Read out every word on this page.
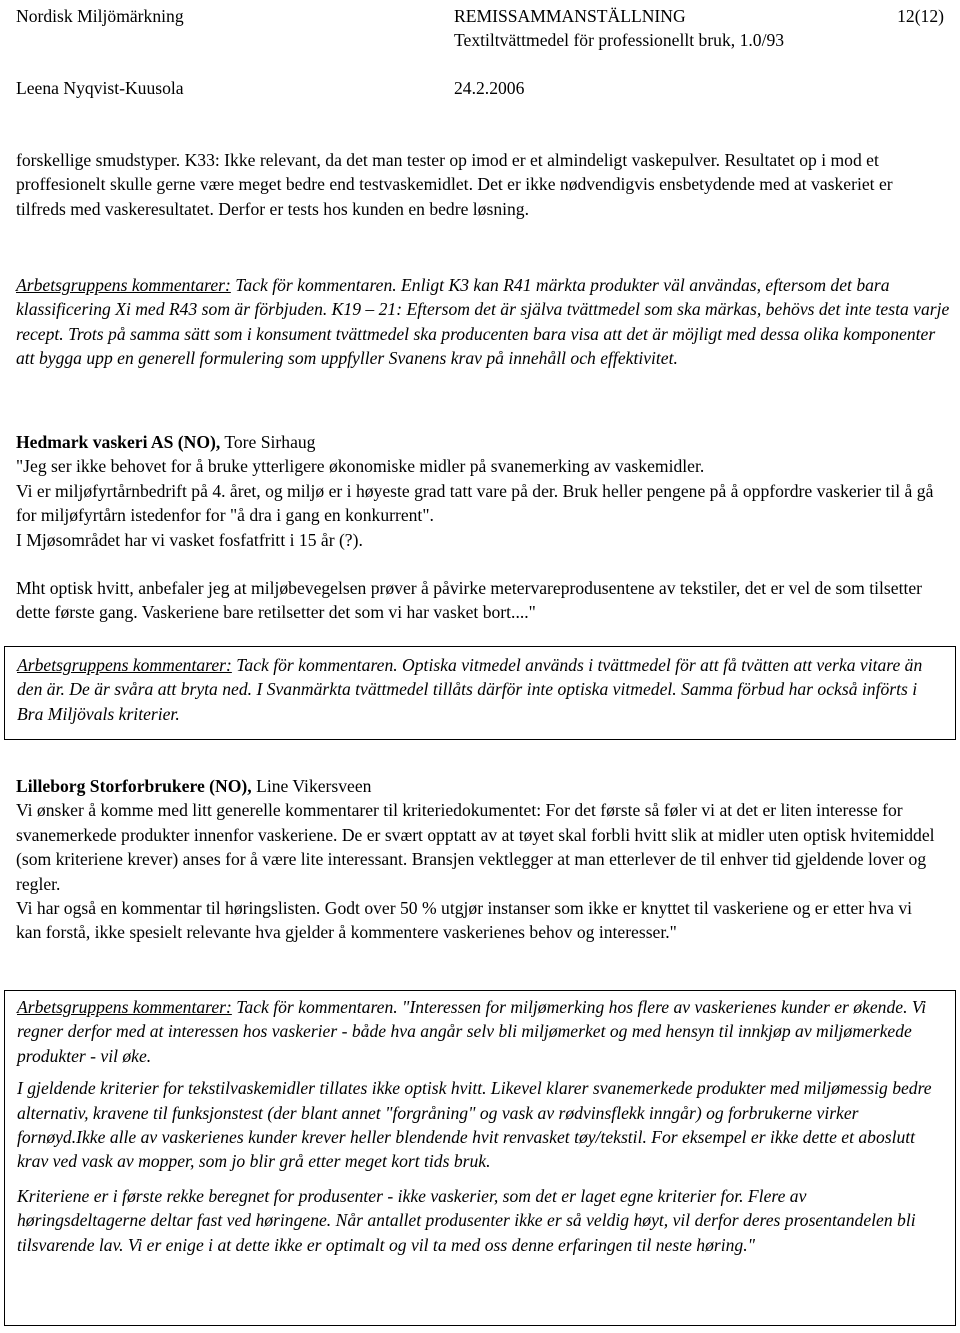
Nordisk Miljömärkning	REMISSAMMANSTÄLLNING	12(12)
Textiltvättmedel för professionellt bruk, 1.0/93
Leena Nyqvist-Kuusola	24.2.2006

forskellige smudstyper. K33: Ikke relevant, da det man tester op imod er et almindeligt vaskepulver. Resultatet op i mod et proffesionelt skulle gerne være meget bedre end testvaskemidlet. Det er ikke nødvendigvis ensbetydende med at vaskeriet er tilfreds med vaskeresultatet. Derfor er tests hos kunden en bedre løsning.

Arbetsgruppens kommentarer: Tack för kommentaren. Enligt K3 kan R41 märkta produkter väl användas, eftersom det bara klassificering Xi med R43 som är förbjuden. K19 – 21: Eftersom det är själva tvättmedel som ska märkas, behövs det inte testa varje recept. Trots på samma sätt som i konsument tvättmedel ska producenten bara visa att det är möjligt med dessa olika komponenter att bygga upp en generell formulering som uppfyller Svanens krav på innehåll och effektivitet.

Hedmark vaskeri AS (NO), Tore Sirhaug

"Jeg ser ikke behovet for å bruke ytterligere økonomiske midler på svanemerking av vaskemidler.

Vi er miljøfyrtårnbedrift på 4. året, og miljø er i høyeste grad tatt vare på der. Bruk heller pengene på å oppfordre vaskerier til å gå for miljøfyrtårn istedenfor for "å dra i gang en konkurrent".

I Mjøsområdet har vi vasket fosfatfritt i 15 år (?).

Mht optisk hvitt, anbefaler jeg at miljøbevegelsen prøver å påvirke metervareprodusentene av tekstiler, det er vel de som tilsetter dette første gang. Vaskeriene bare retilsetter det som vi har vasket bort...."

Arbetsgruppens kommentarer: Tack för kommentaren. Optiska vitmedel används i tvättmedel för att få tvätten att verka vitare än den är. De är svåra att bryta ned. I Svanmärkta tvättmedel tillåts därför inte optiska vitmedel. Samma förbud har också införts i Bra Miljövals kriterier.

Lilleborg Storforbrukere (NO), Line Vikersveen

Vi ønsker å komme med litt generelle kommentarer til kriteriedokumentet: For det første så føler vi at det er liten interesse for svanemerkede produkter innenfor vaskeriene. De er svært opptatt av at tøyet skal forbli hvitt slik at midler uten optisk hvitemiddel (som kriteriene krever) anses for å være lite interessant. Bransjen vektlegger at man etterlever de til enhver tid gjeldende lover og regler.

Vi har også en kommentar til høringslisten. Godt over 50 % utgjør instanser som ikke er knyttet til vaskeriene og er etter hva vi kan forstå, ikke spesielt relevante hva gjelder å kommentere vaskerienes behov og interesser."

Arbetsgruppens kommentarer: Tack för kommentaren. "Interessen for miljømerking hos flere av vaskerienes kunder er økende. Vi regner derfor med at interessen hos vaskerier - både hva angår selv bli miljømerket og med hensyn til innkjøp av miljømerkede produkter - vil øke.

I gjeldende kriterier for tekstilvaskemidler tillates ikke optisk hvitt. Likevel klarer svanemerkede produkter med miljømessig bedre alternativ, kravene til funksjonstest (der blant annet "forgråning" og vask av rødvinsflekk inngår) og forbrukerne virker fornøyd.Ikke alle av vaskerienes kunder krever heller blendende hvit renvasket tøy/tekstil. For eksempel er ikke dette et aboslutt krav ved vask av mopper, som jo blir grå etter meget kort tids bruk.

Kriteriene er i første rekke beregnet for produsenter - ikke vaskerier, som det er laget egne kriterier for. Flere av høringsdeltagerne deltar fast ved høringene. Når antallet produsenter ikke er så veldig høyt, vil derfor deres prosentandelen bli tilsvarende lav. Vi er enige i at dette ikke er optimalt og vil ta med oss denne erfaringen til neste høring."
